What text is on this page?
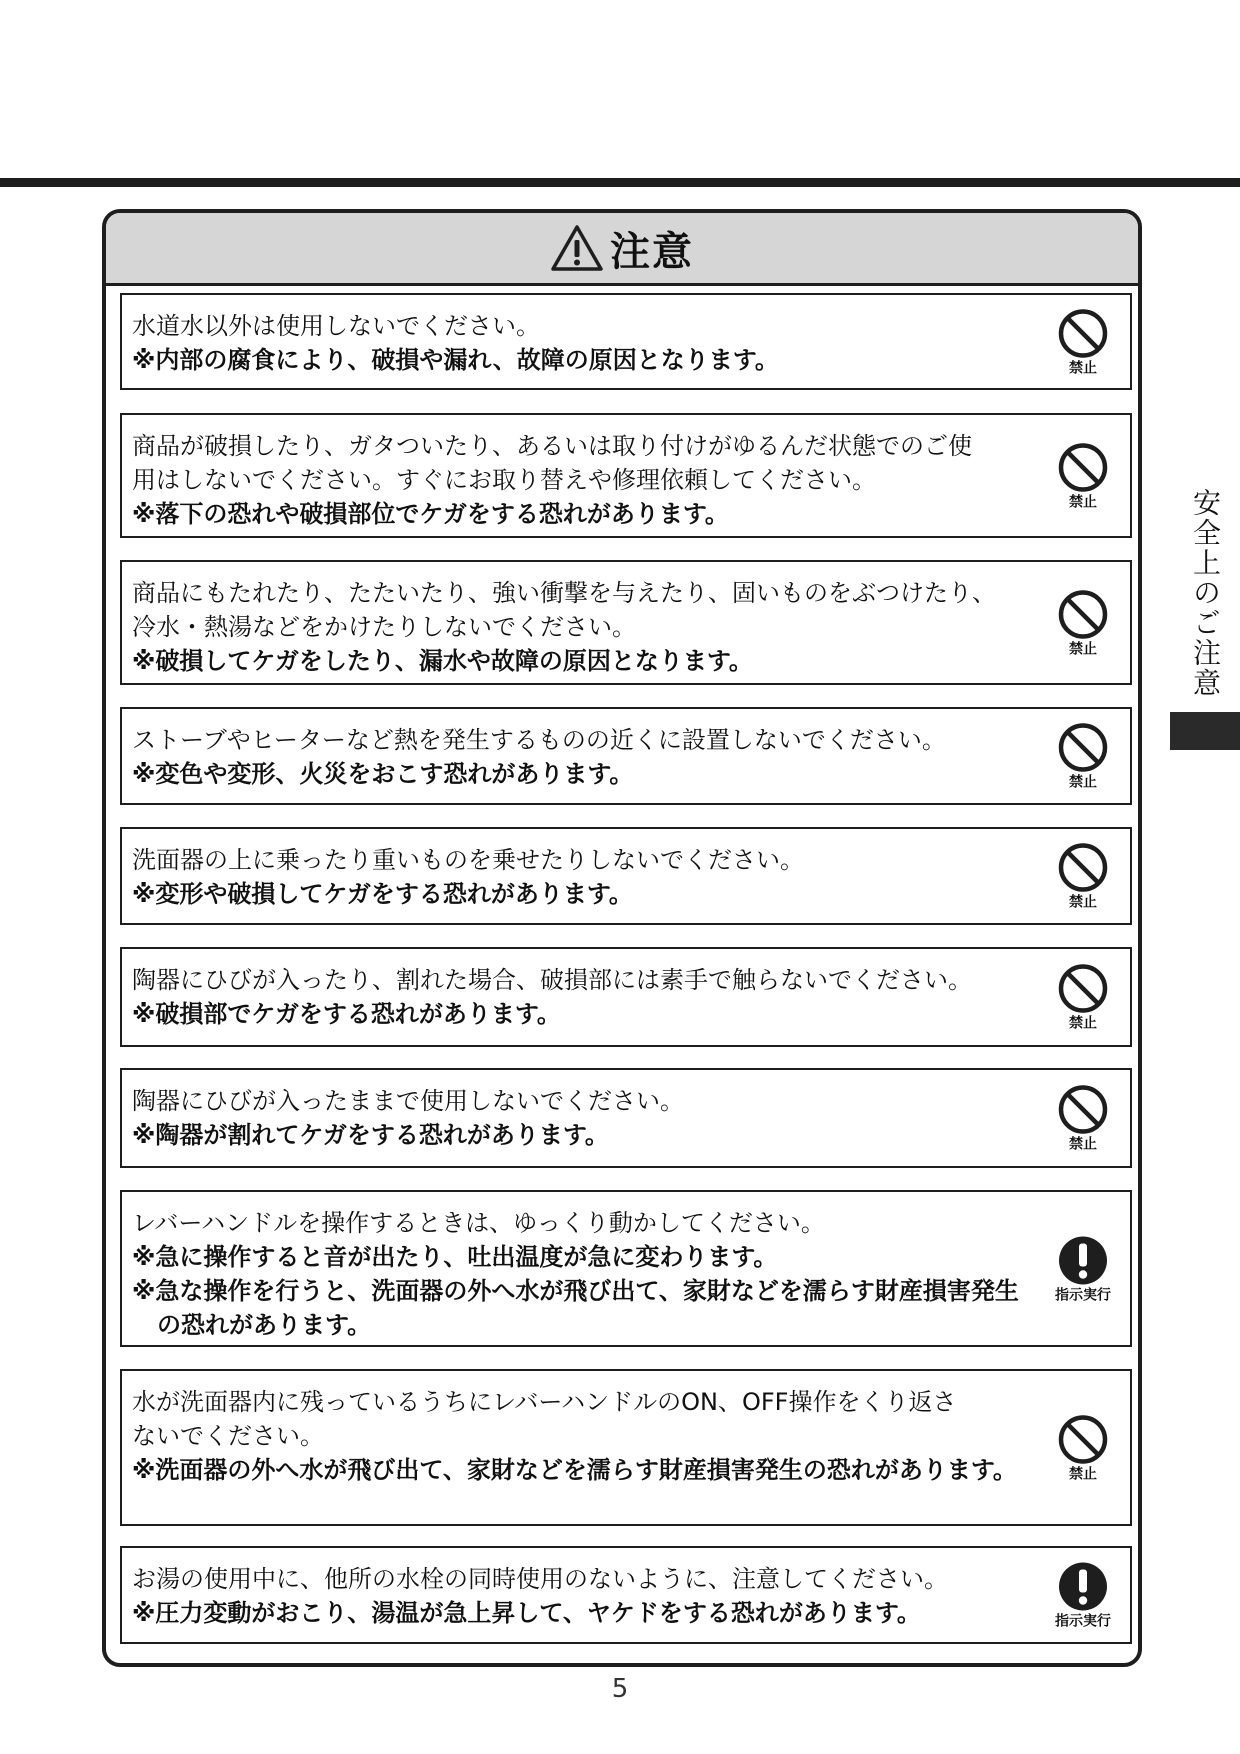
注意

水道水以外は使用しないでください。

※内部の腐食により、破損や漏れ、故障の原因となります。	禁止

商品が破損したり、ガタついたり、あるいは取り付けがゆるんだ状態でのご使

用はしないでください。すぐにお取り替えや修理依頼してください。

※落下の恐れや破損部位でケガをする恐れがあります。	禁止

商品にもたれたり、たたいたり、強い衝撃を与えたり、固いものをぶつけたり、

冷水・熱湯などをかけたりしないでください。

※破損してケガをしたり、漏水や故障の原因となります。	禁止

ストーブやヒーターなど熱を発生するものの近くに設置しないでください。

※変色や変形、火災をおこす恐れがあります。	禁止

洗面器の上に乗ったり重いものを乗せたりしないでください。

※変形や破損してケガをする恐れがあります。	禁止

陶器にひびが入ったり、割れた場合、破損部には素手で触らないでください。

※破損部でケガをする恐れがあります。	禁止

陶器にひびが入ったままで使用しないでください。

※陶器が割れてケガをする恐れがあります。	禁止

レバーハンドルを操作するときは、ゆっくり動かしてください。

※急に操作すると音が出たり、吐出温度が急に変わります。

※急な操作を行うと、洗面器の外へ水が飛び出て、家財などを濡らす財産損害発生の恐れがあります。

指示実行

水が洗面器内に残っているうちにレバーハンドルのON、OFF操作をくり返さ

ないでください。

※洗面器の外へ水が飛び出て、家財などを濡らす財産損害発生の恐れがあります。	禁止

お湯の使用中に、他所の水栓の同時使用のないように、注意してください。

※圧力変動がおこり、湯温が急上昇して、ヤケドをする恐れがあります。	指示実行
安全上のご注意
5
